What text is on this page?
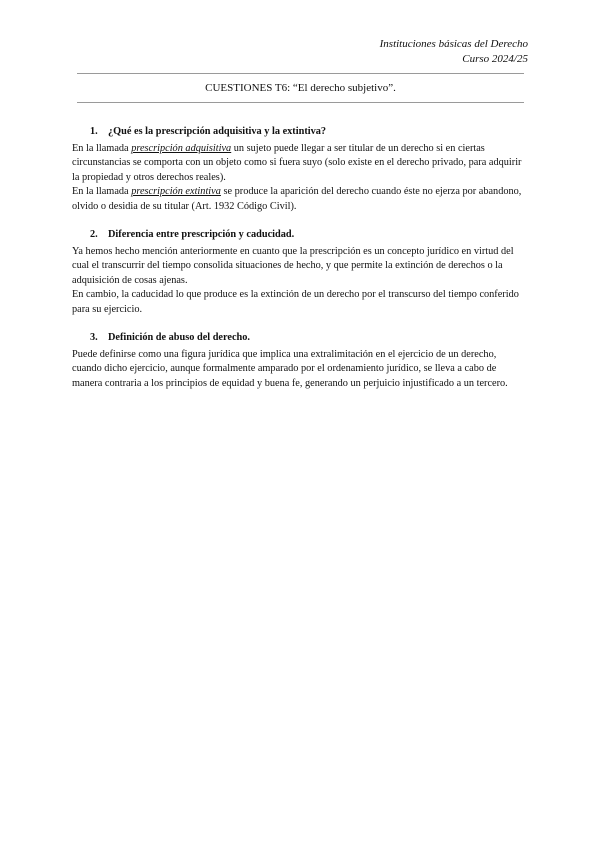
Instituciones básicas del Derecho
Curso 2024/25
CUESTIONES T6: “El derecho subjetivo”.
1. ¿Qué es la prescripción adquisitiva y la extintiva?

En la llamada prescripción adquisitiva un sujeto puede llegar a ser titular de un derecho si en ciertas circunstancias se comporta con un objeto como si fuera suyo (solo existe en el derecho privado, para adquirir la propiedad y otros derechos reales).

En la llamada prescripción extintiva se produce la aparición del derecho cuando éste no ejerza por abandono, olvido o desidia de su titular (Art. 1932 Código Civil).

2. Diferencia entre prescripción y caducidad.

Ya hemos hecho mención anteriormente en cuanto que la prescripción es un concepto jurídico en virtud del cual el transcurrir del tiempo consolida situaciones de hecho, y que permite la extinción de derechos o la adquisición de cosas ajenas.

En cambio, la caducidad lo que produce es la extinción de un derecho por el transcurso del tiempo conferido para su ejercicio.

3. Definición de abuso del derecho.

Puede definirse como una figura jurídica que implica una extralimitación en el ejercicio de un derecho, cuando dicho ejercicio, aunque formalmente amparado por el ordenamiento jurídico, se lleva a cabo de manera contraria a los principios de equidad y buena fe, generando un perjuicio injustificado a un tercero.
